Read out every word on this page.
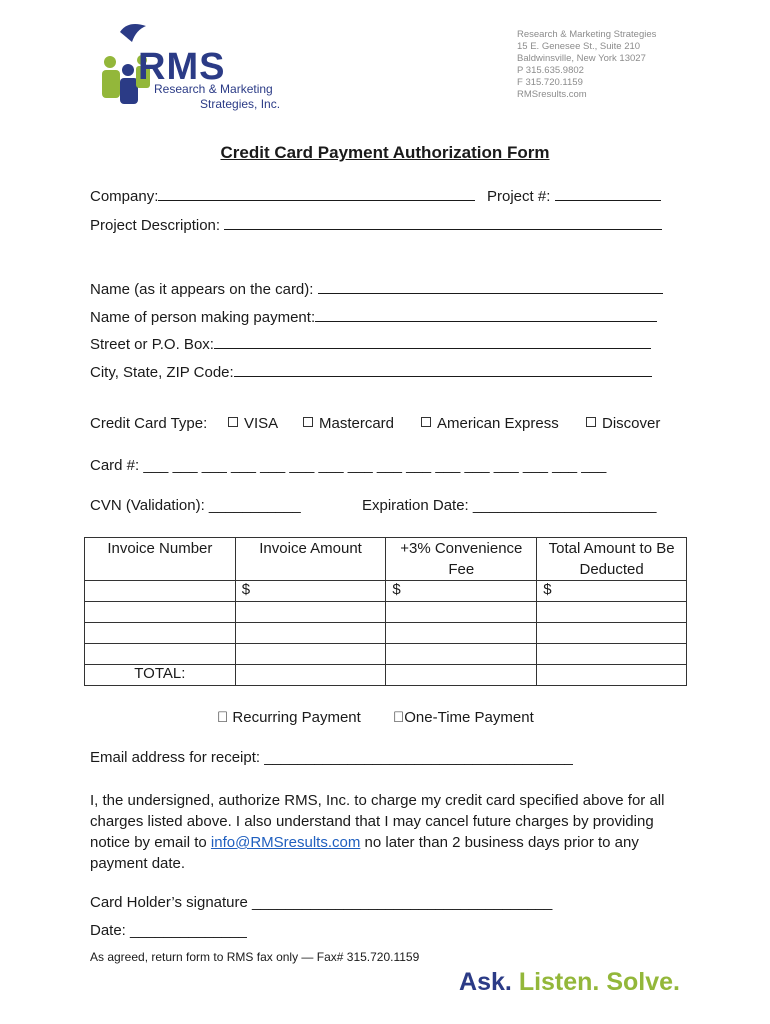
RMS
Research & Marketing
Strategies, Inc.
Research & Marketing Strategies
15 E. Genesee St., Suite 210
Baldwinsville, New York 13027
P 315.635.9802
F 315.720.1159
RMSresults.com
Credit Card Payment Authorization Form
Company:	Project #:
Project Description:
Name (as it appears on the card):
Name of person making payment:
Street or P.O. Box:
City, State, ZIP Code:
Credit Card Type:	VISA	Mastercard	American Express	Discover
Card #: ___ ___ ___ ___ ___ ___ ___ ___ ___ ___ ___ ___ ___ ___ ___ ___
CVN (Validation): ___________	Expiration Date: ______________________
Invoice Number	Invoice Amount	+3% Convenience Fee	Total Amount to Be Deducted
	$	$	$

TOTAL:			
Recurring Payment	One-Time Payment
Email address for receipt: _____________________________________
I, the undersigned, authorize RMS, Inc. to charge my credit card specified above for all charges listed above. I also understand that I may cancel future charges by providing notice by email to info@RMSresults.com no later than 2 business days prior to any payment date.
Card Holder’s signature ____________________________________
Date: ______________
As agreed, return form to RMS fax only — Fax# 315.720.1159
Ask. Listen. Solve.
